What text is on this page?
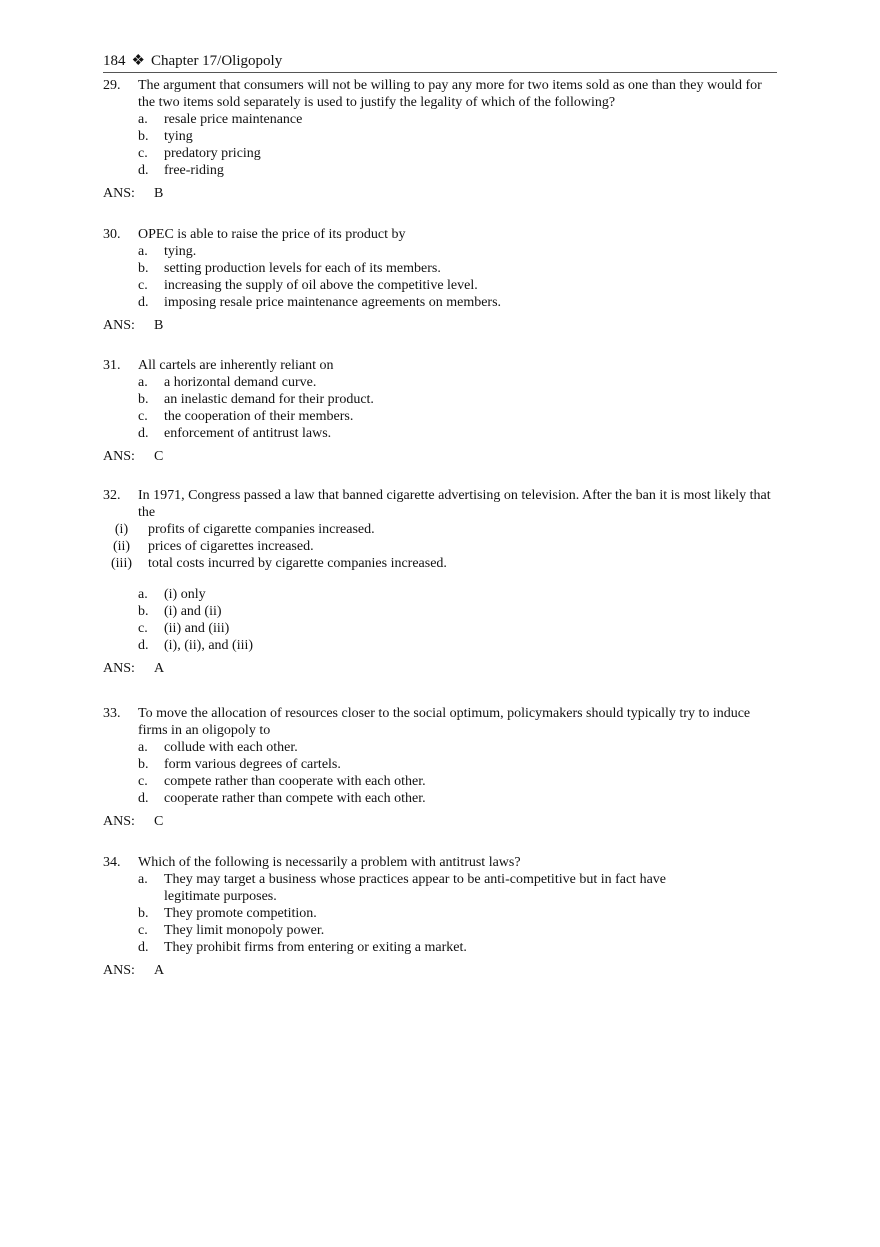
184 ❖ Chapter 17/Oligopoly
29.	The argument that consumers will not be willing to pay any more for two items sold as one than they would for the two items sold separately is used to justify the legality of which of the following?
a.	resale price maintenance
b.	tying
c.	predatory pricing
d.	free-riding
ANS: B
30.	OPEC is able to raise the price of its product by
a.	tying.
b.	setting production levels for each of its members.
c.	increasing the supply of oil above the competitive level.
d.	imposing resale price maintenance agreements on members.
ANS: B
31.	All cartels are inherently reliant on
a.	a horizontal demand curve.
b.	an inelastic demand for their product.
c.	the cooperation of their members.
d.	enforcement of antitrust laws.
ANS: C
32.	In 1971, Congress passed a law that banned cigarette advertising on television. After the ban it is most likely that the
(i)	profits of cigarette companies increased.
(ii)	prices of cigarettes increased.
(iii)	total costs incurred by cigarette companies increased.
a.	(i) only
b.	(i) and (ii)
c.	(ii) and (iii)
d.	(i), (ii), and (iii)
ANS: A
33.	To move the allocation of resources closer to the social optimum, policymakers should typically try to induce firms in an oligopoly to
a.	collude with each other.
b.	form various degrees of cartels.
c.	compete rather than cooperate with each other.
d.	cooperate rather than compete with each other.
ANS: C
34.	Which of the following is necessarily a problem with antitrust laws?
a.	They may target a business whose practices appear to be anti-competitive but in fact have legitimate purposes.
b.	They promote competition.
c.	They limit monopoly power.
d.	They prohibit firms from entering or exiting a market.
ANS: A
